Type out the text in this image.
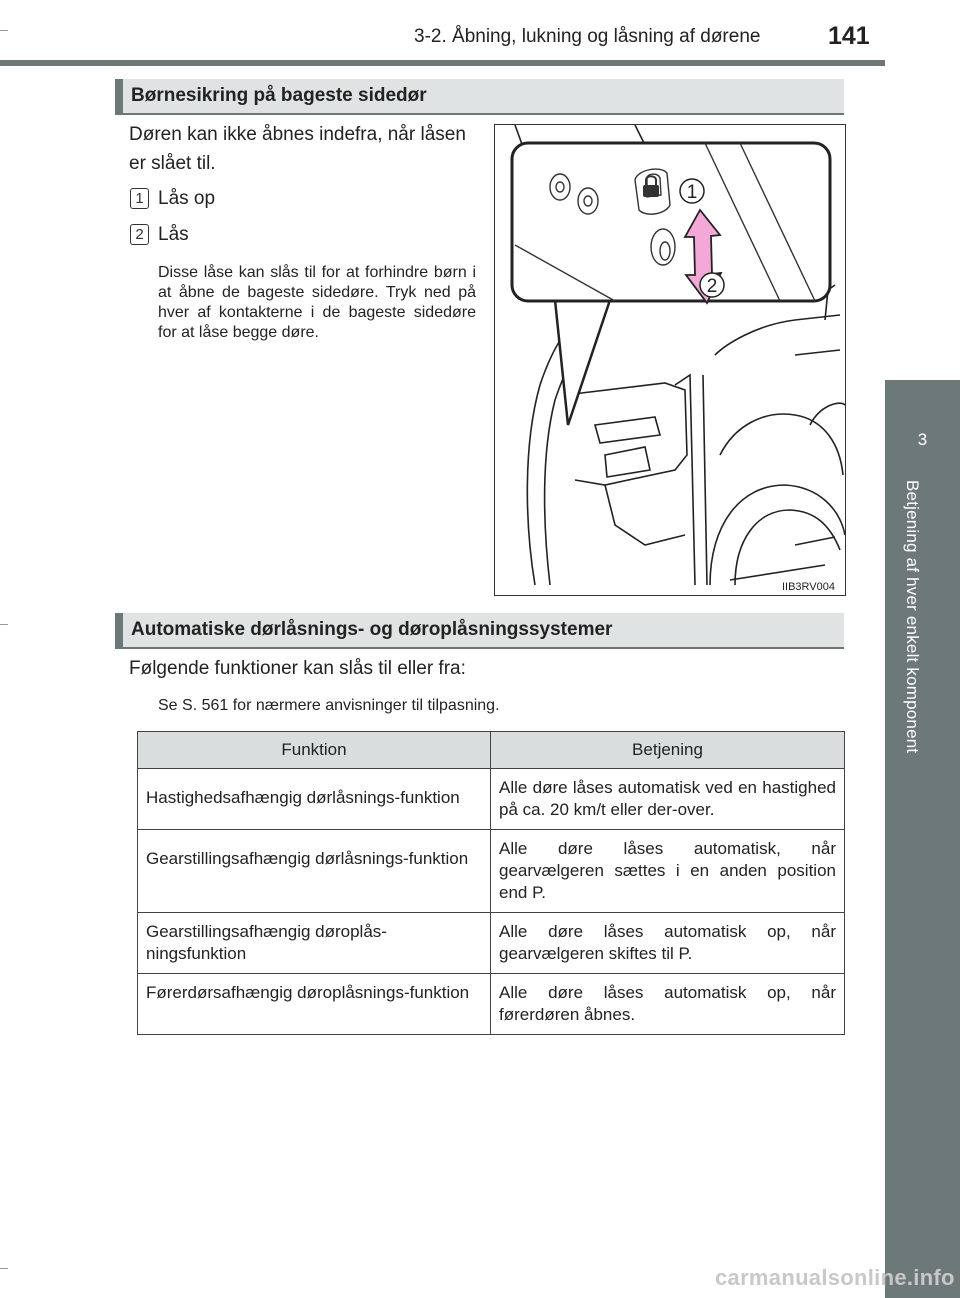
3-2. Åbning, lukning og låsning af dørene	141
3
Betjening af hver enkelt komponent
Børnesikring på bageste sidedør
Døren kan ikke åbnes indefra, når låsen er slået til.
1 Lås op
2 Lås
Disse låse kan slås til for at forhindre børn i at åbne de bageste sidedøre. Tryk ned på hver af kontakterne i de bageste sidedøre for at låse begge døre.
1
2
IIB3RV004
Automatiske dørlåsnings- og døroplåsningssystemer
Følgende funktioner kan slås til eller fra:
Se S. 561 for nærmere anvisninger til tilpasning.
Funktion	Betjening
Hastighedsafhængig dørlåsnings-funktion	Alle døre låses automatisk ved en hastighed på ca. 20 km/t eller der-over.
Gearstillingsafhængig dørlåsnings-funktion	Alle døre låses automatisk, når gearvælgeren sættes i en anden position end P.
Gearstillingsafhængig døroplås-ningsfunktion	Alle døre låses automatisk op, når gearvælgeren skiftes til P.
Førerdørsafhængig døroplåsnings-funktion	Alle døre låses automatisk op, når førerdøren åbnes.
carmanualsonline.info
